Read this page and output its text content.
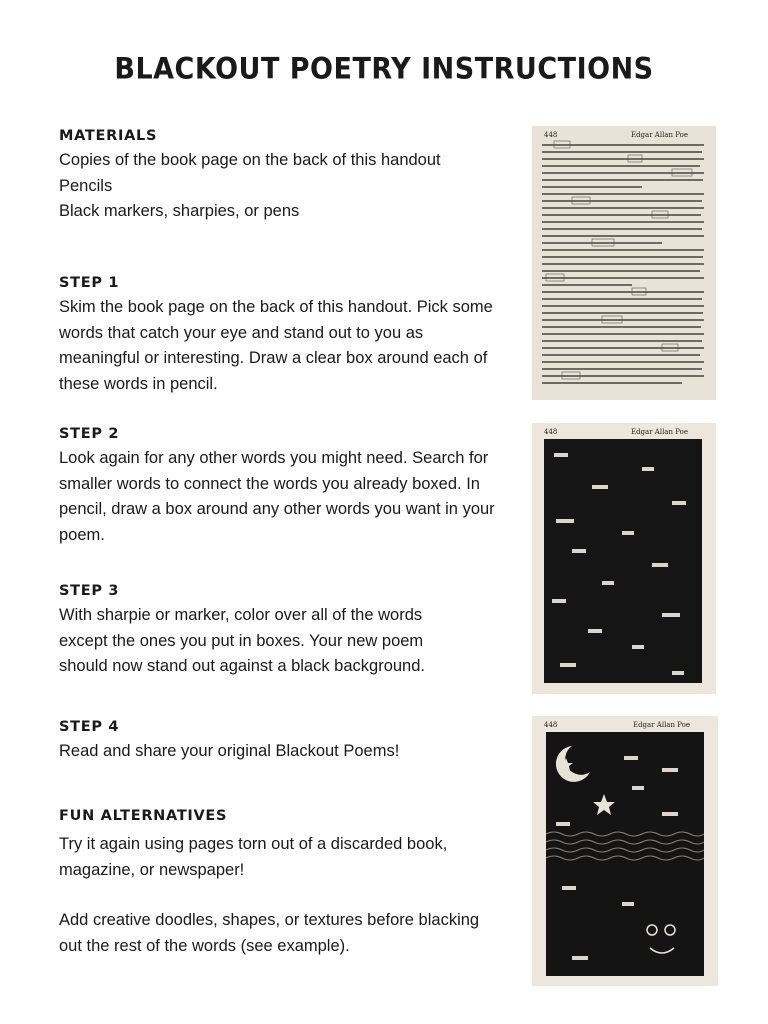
BLACKOUT POETRY INSTRUCTIONS
MATERIALS
Copies of the book page on the back of this handout
Pencils
Black markers, sharpies, or pens
STEP 1
Skim the book page on the back of this handout. Pick some words that catch your eye and stand out to you as meaningful or interesting. Draw a clear box around each of these words in pencil.
STEP 2
Look again for any other words you might need. Search for smaller words to connect the words you already boxed. In pencil, draw a box around any other words you want in your poem.
STEP 3
With sharpie or marker, color over all of the words except the ones you put in boxes. Your new poem should now stand out against a black background.
STEP 4
Read and share your original Blackout Poems!
FUN ALTERNATIVES
Try it again using pages torn out of a discarded book, magazine, or newspaper!
Add creative doodles, shapes, or textures before blacking out the rest of the words (see example).
448	Edgar Allan Poe
448	Edgar Allan Poe
448	Edgar Allan Poe
